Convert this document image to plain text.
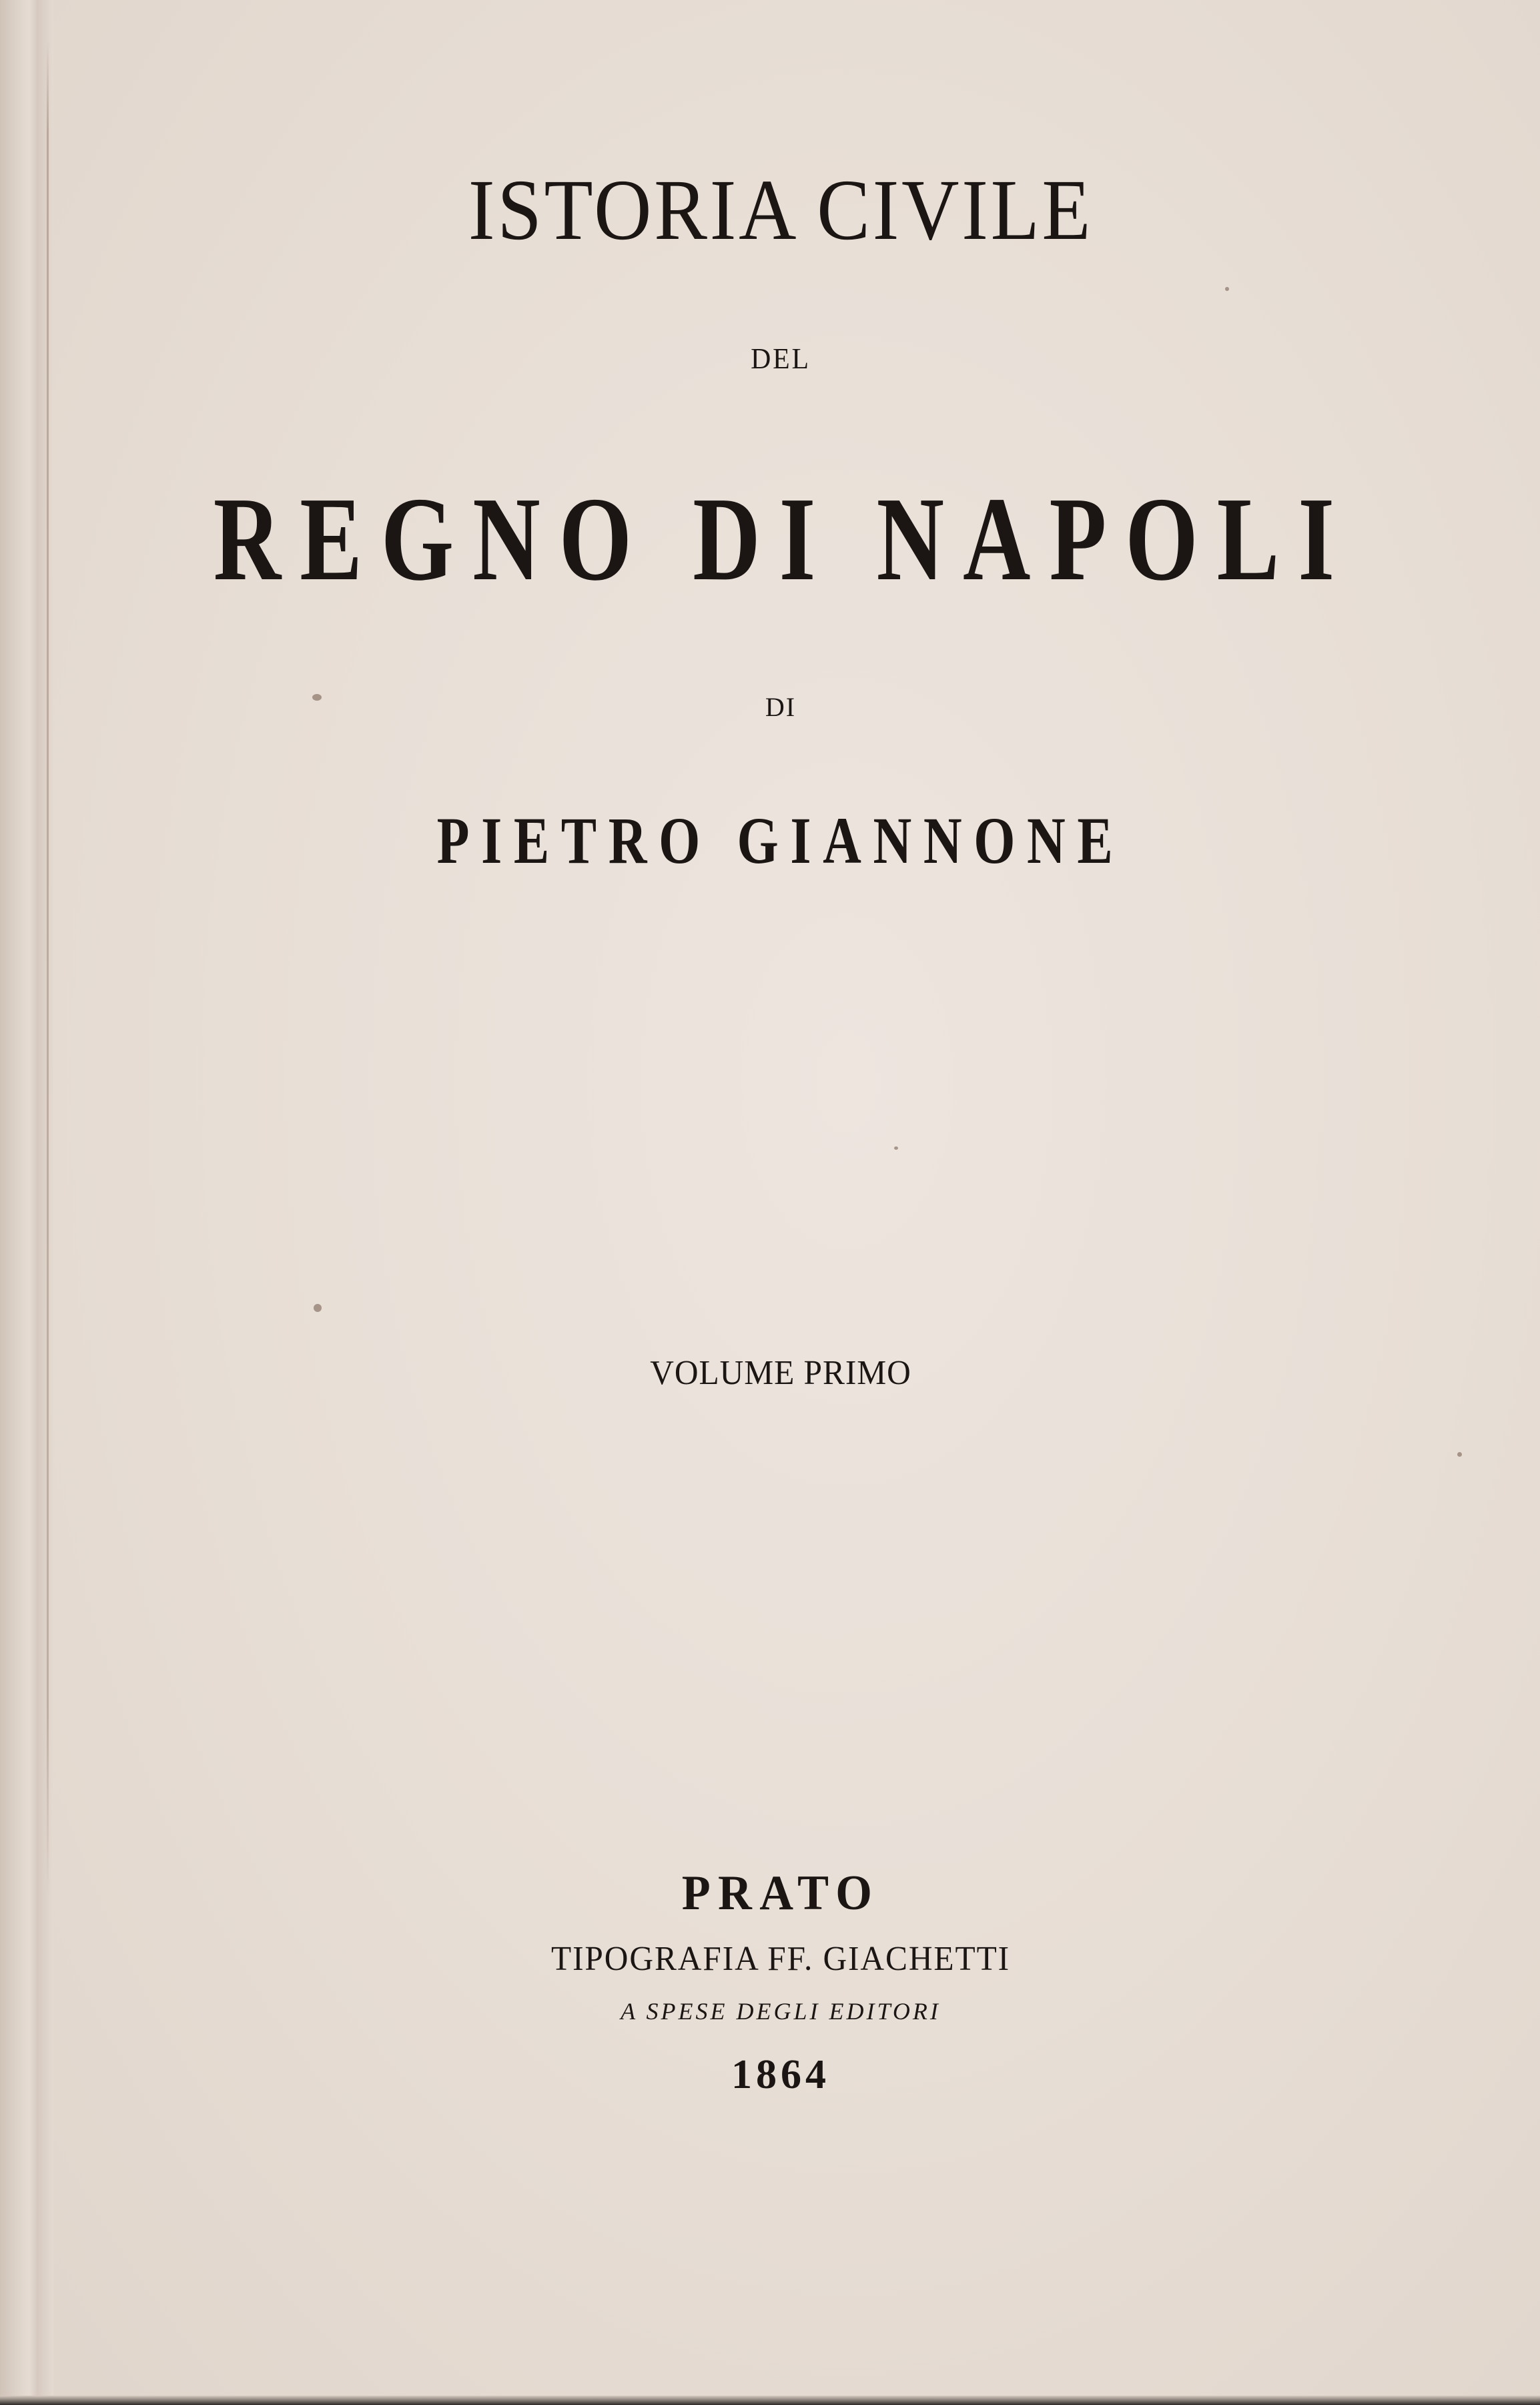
ISTORIA CIVILE
DEL
REGNO DI NAPOLI
DI
PIETRO GIANNONE
VOLUME PRIMO
PRATO
TIPOGRAFIA FF. GIACHETTI
A SPESE DEGLI EDITORI
1864
